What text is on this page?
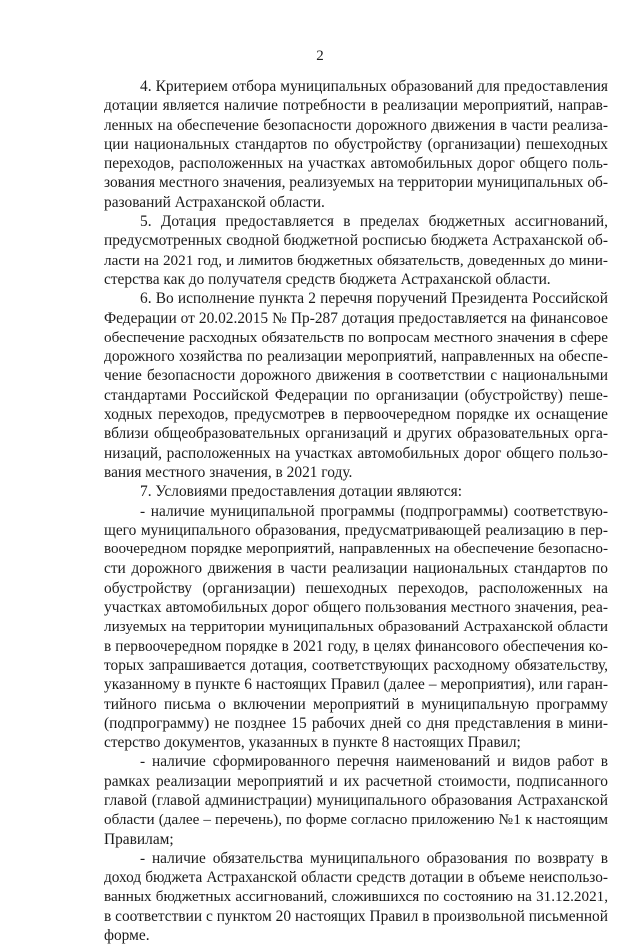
2
4. Критерием отбора муниципальных образований для предоставления
дотации является наличие потребности в реализации мероприятий, направ-
ленных на обеспечение безопасности дорожного движения в части реализа-
ции национальных стандартов по обустройству (организации) пешеходных
переходов, расположенных на участках автомобильных дорог общего поль-
зования местного значения, реализуемых на территории муниципальных об-
разований Астраханской области.
5. Дотация предоставляется в пределах бюджетных ассигнований,
предусмотренных сводной бюджетной росписью бюджета Астраханской об-
ласти на 2021 год, и лимитов бюджетных обязательств, доведенных до мини-
стерства как до получателя средств бюджета Астраханской области.
6. Во исполнение пункта 2 перечня поручений Президента Российской
Федерации от 20.02.2015 № Пр-287 дотация предоставляется на финансовое
обеспечение расходных обязательств по вопросам местного значения в сфере
дорожного хозяйства по реализации мероприятий, направленных на обеспе-
чение безопасности дорожного движения в соответствии с национальными
стандартами Российской Федерации по организации (обустройству) пеше-
ходных переходов, предусмотрев в первоочередном порядке их оснащение
вблизи общеобразовательных организаций и других образовательных орга-
низаций, расположенных на участках автомобильных дорог общего пользо-
вания местного значения, в 2021 году.
7. Условиями предоставления дотации являются:
- наличие муниципальной программы (подпрограммы) соответствую-
щего муниципального образования, предусматривающей реализацию в пер-
воочередном порядке мероприятий, направленных на обеспечение безопасно-
сти дорожного движения в части реализации национальных стандартов по
обустройству (организации) пешеходных переходов, расположенных на
участках автомобильных дорог общего пользования местного значения, реа-
лизуемых на территории муниципальных образований Астраханской области
в первоочередном порядке в 2021 году, в целях финансового обеспечения ко-
торых запрашивается дотация, соответствующих расходному обязательству,
указанному в пункте 6 настоящих Правил (далее – мероприятия), или гаран-
тийного письма о включении мероприятий в муниципальную программу
(подпрограмму) не позднее 15 рабочих дней со дня представления в мини-
стерство документов, указанных в пункте 8 настоящих Правил;
- наличие сформированного перечня наименований и видов работ в
рамках реализации мероприятий и их расчетной стоимости, подписанного
главой (главой администрации) муниципального образования Астраханской
области (далее – перечень), по форме согласно приложению №1 к настоящим
Правилам;
- наличие обязательства муниципального образования по возврату в
доход бюджета Астраханской области средств дотации в объеме неиспользо-
ванных бюджетных ассигнований, сложившихся по состоянию на 31.12.2021,
в соответствии с пунктом 20 настоящих Правил в произвольной письменной
форме.
